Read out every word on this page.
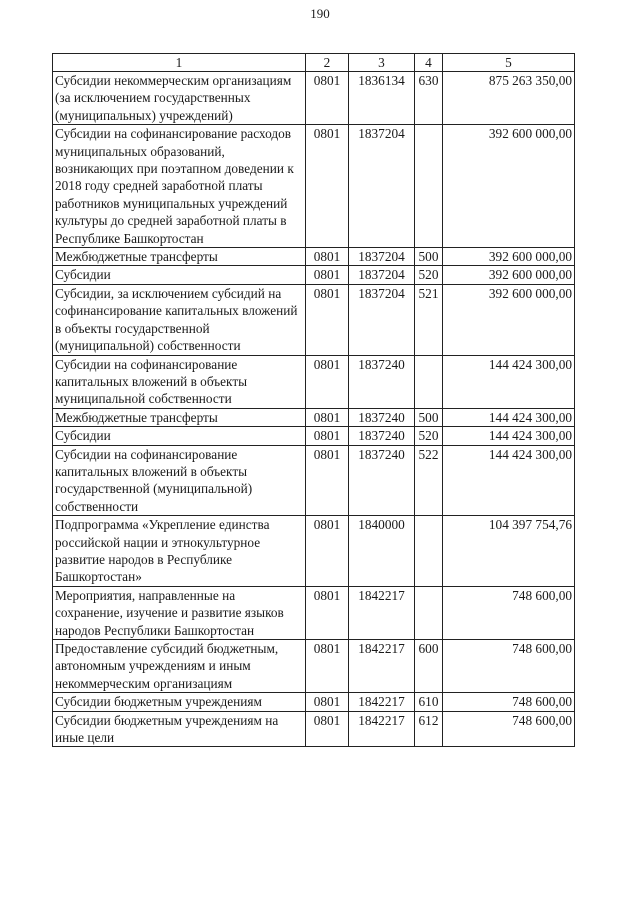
190
1	2	3	4	5
Субсидии некоммерческим организациям (за исключением государственных (муниципальных) учреждений)	0801	1836134	630	875 263 350,00
Субсидии на софинансирование расходов муниципальных образований, возникающих при поэтапном доведении к 2018 году средней заработной платы работников муниципальных учреждений культуры до средней заработной платы в Республике Башкортостан	0801	1837204		392 600 000,00
Межбюджетные трансферты	0801	1837204	500	392 600 000,00
Субсидии	0801	1837204	520	392 600 000,00
Субсидии, за исключением субсидий на софинансирование капитальных вложений в объекты государственной (муниципальной) собственности	0801	1837204	521	392 600 000,00
Субсидии на софинансирование капитальных вложений в объекты муниципальной собственности	0801	1837240		144 424 300,00
Межбюджетные трансферты	0801	1837240	500	144 424 300,00
Субсидии	0801	1837240	520	144 424 300,00
Субсидии на софинансирование капитальных вложений в объекты государственной (муниципальной) собственности	0801	1837240	522	144 424 300,00
Подпрограмма «Укрепление единства российской нации и этнокультурное развитие народов в Республике Башкортостан»	0801	1840000		104 397 754,76
Мероприятия, направленные на сохранение, изучение и развитие языков народов Республики Башкортостан	0801	1842217		748 600,00
Предоставление субсидий бюджетным, автономным учреждениям и иным некоммерческим организациям	0801	1842217	600	748 600,00
Субсидии бюджетным учреждениям	0801	1842217	610	748 600,00
Субсидии бюджетным учреждениям на иные цели	0801	1842217	612	748 600,00
